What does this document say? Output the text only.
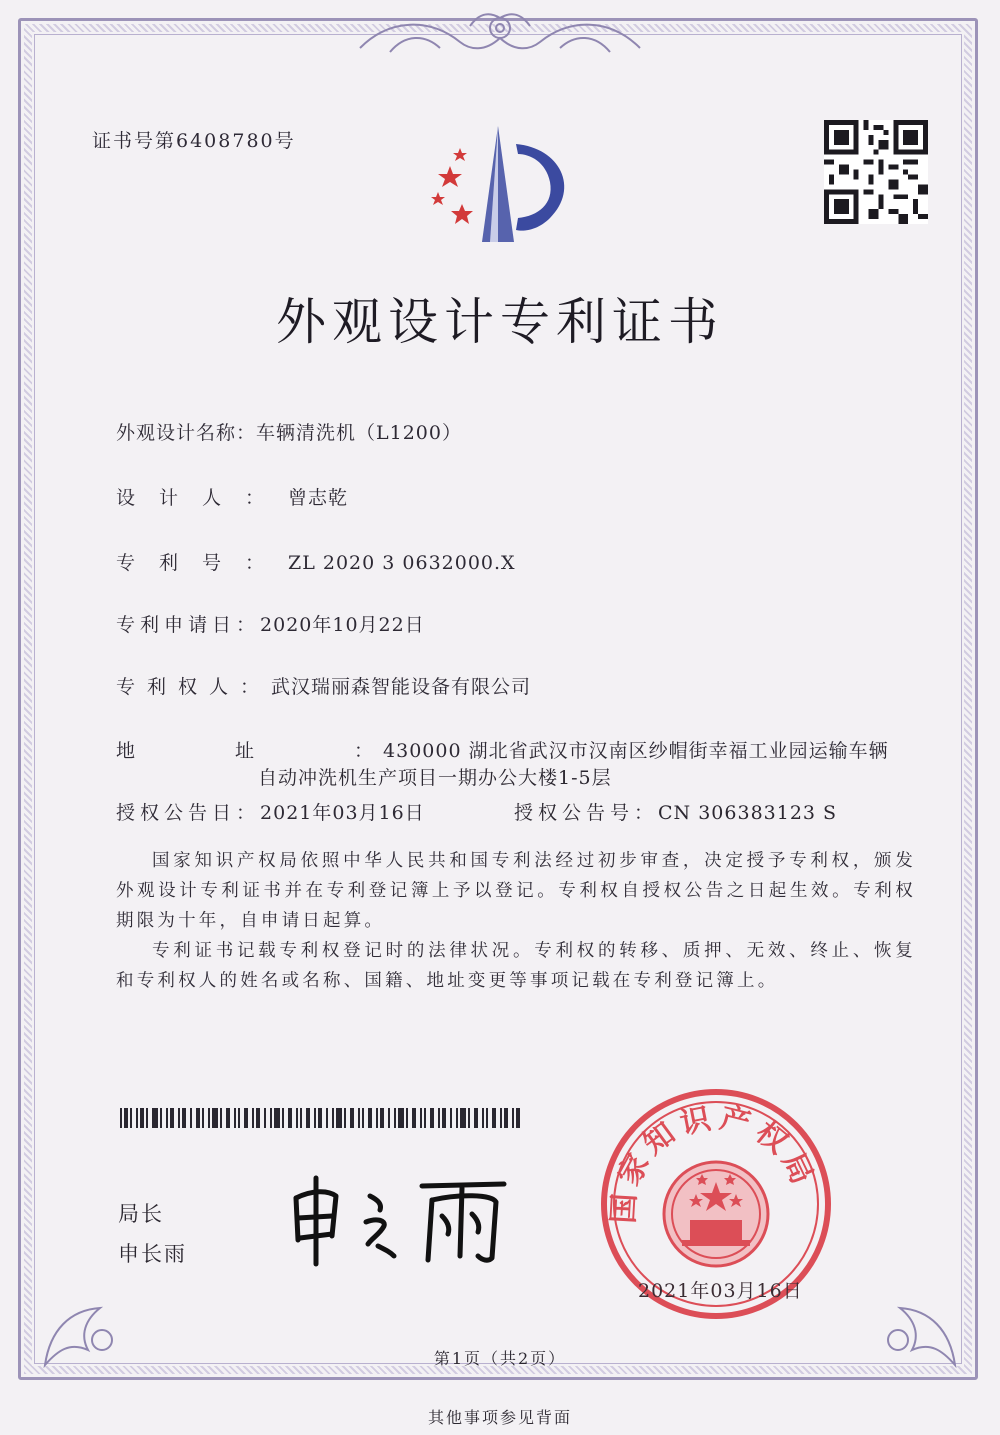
证书号第6408780号
外观设计专利证书
外观设计名称：车辆清洗机（L1200）
设计人：曾志乾
专利号：ZL 2020 3 0632000.X
专利申请日：2020年10月22日
专利权人：武汉瑞丽森智能设备有限公司
地址：430000 湖北省武汉市汉南区纱帽街幸福工业园运输车辆
自动冲洗机生产项目一期办公大楼1-5层
授权公告日：2021年03月16日	授权公告号：CN 306383123 S
国家知识产权局依照中华人民共和国专利法经过初步审查，决定授予专利权，颁发外观设计专利证书并在专利登记簿上予以登记。专利权自授权公告之日起生效。专利权期限为十年，自申请日起算。
专利证书记载专利权登记时的法律状况。专利权的转移、质押、无效、终止、恢复和专利权人的姓名或名称、国籍、地址变更等事项记载在专利登记簿上。
局长
申长雨
国家知识产权局
2021年03月16日
第1页（共2页）
其他事项参见背面
